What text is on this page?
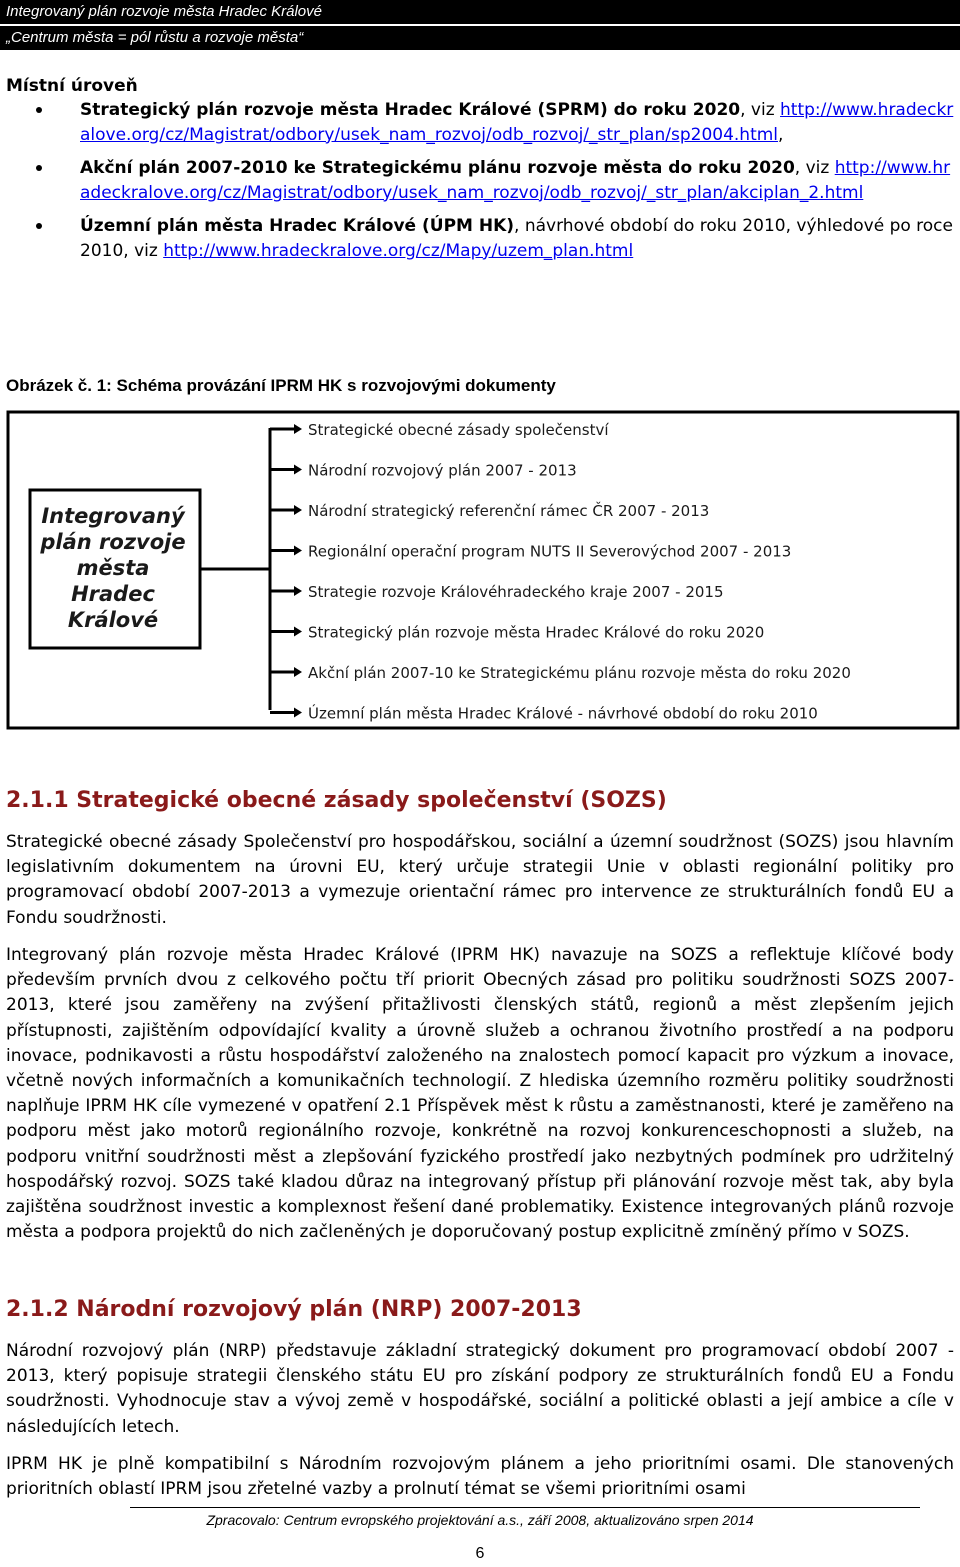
Integrovaný plán rozvoje města Hradec Králové
„Centrum města = pól růstu a rozvoje města“
Místní úroveň
Strategický plán rozvoje města Hradec Králové (SPRM) do roku 2020, viz http://www.hradeckralove.org/cz/Magistrat/odbory/usek_nam_rozvoj/odb_rozvoj/_str_plan/sp2004.html,
Akční plán 2007-2010 ke Strategickému plánu rozvoje města do roku 2020, viz http://www.hradeckralove.org/cz/Magistrat/odbory/usek_nam_rozvoj/odb_rozvoj/_str_plan/akciplan_2.html
Územní plán města Hradec Králové (ÚPM HK), návrhové období do roku 2010, výhledové po roce 2010, viz http://www.hradeckralove.org/cz/Mapy/uzem_plan.html
Obrázek č. 1: Schéma provázání IPRM HK s rozvojovými dokumenty
Integrovaný
plán rozvoje
města
Hradec
Králové
Strategické obecné zásady společenství
Národní rozvojový plán 2007 - 2013
Národní strategický referenční rámec ČR 2007 - 2013
Regionální operační program NUTS II Severovýchod 2007 - 2013
Strategie rozvoje Královéhradeckého kraje 2007 - 2015
Strategický plán rozvoje města Hradec Králové do roku 2020
Akční plán 2007-10 ke Strategickému plánu rozvoje města do roku 2020
Územní plán města Hradec Králové - návrhové období do roku 2010
2.1.1 Strategické obecné zásady společenství (SOZS)

Strategické obecné zásady Společenství pro hospodářskou, sociální a územní soudržnost (SOZS) jsou hlavním legislativním dokumentem na úrovni EU, který určuje strategii Unie v oblasti regionální politiky pro programovací období 2007-2013 a vymezuje orientační rámec pro intervence ze strukturálních fondů EU a Fondu soudržnosti.

Integrovaný plán rozvoje města Hradec Králové (IPRM HK) navazuje na SOZS a reflektuje klíčové body především prvních dvou z celkového počtu tří priorit Obecných zásad pro politiku soudržnosti SOZS 2007-2013, které jsou zaměřeny na zvýšení přitažlivosti členských států, regionů a měst zlepšením jejich přístupnosti, zajištěním odpovídající kvality a úrovně služeb a ochranou životního prostředí a na podporu inovace, podnikavosti a růstu hospodářství založeného na znalostech pomocí kapacit pro výzkum a inovace, včetně nových informačních a komunikačních technologií. Z hlediska územního rozměru politiky soudržnosti naplňuje IPRM HK cíle vymezené v opatření 2.1 Příspěvek měst k růstu a zaměstnanosti, které je zaměřeno na podporu měst jako motorů regionálního rozvoje, konkrétně na rozvoj konkurenceschopnosti a služeb, na podporu vnitřní soudržnosti měst a zlepšování fyzického prostředí jako nezbytných podmínek pro udržitelný hospodářský rozvoj. SOZS také kladou důraz na integrovaný přístup při plánování rozvoje měst tak, aby byla zajištěna soudržnost investic a komplexnost řešení dané problematiky. Existence integrovaných plánů rozvoje města a podpora projektů do nich začleněných je doporučovaný postup explicitně zmíněný přímo v SOZS.

2.1.2 Národní rozvojový plán (NRP) 2007-2013

Národní rozvojový plán (NRP) představuje základní strategický dokument pro programovací období 2007 - 2013, který popisuje strategii členského státu EU pro získání podpory ze strukturálních fondů EU a Fondu soudržnosti. Vyhodnocuje stav a vývoj země v hospodářské, sociální a politické oblasti a její ambice a cíle v následujících letech.

IPRM HK je plně kompatibilní s Národním rozvojovým plánem a jeho prioritními osami. Dle stanovených prioritních oblastí IPRM jsou zřetelné vazby a prolnutí témat se všemi prioritními osami

Zpracovalo: Centrum evropského projektování a.s., září 2008, aktualizováno srpen 2014
6
